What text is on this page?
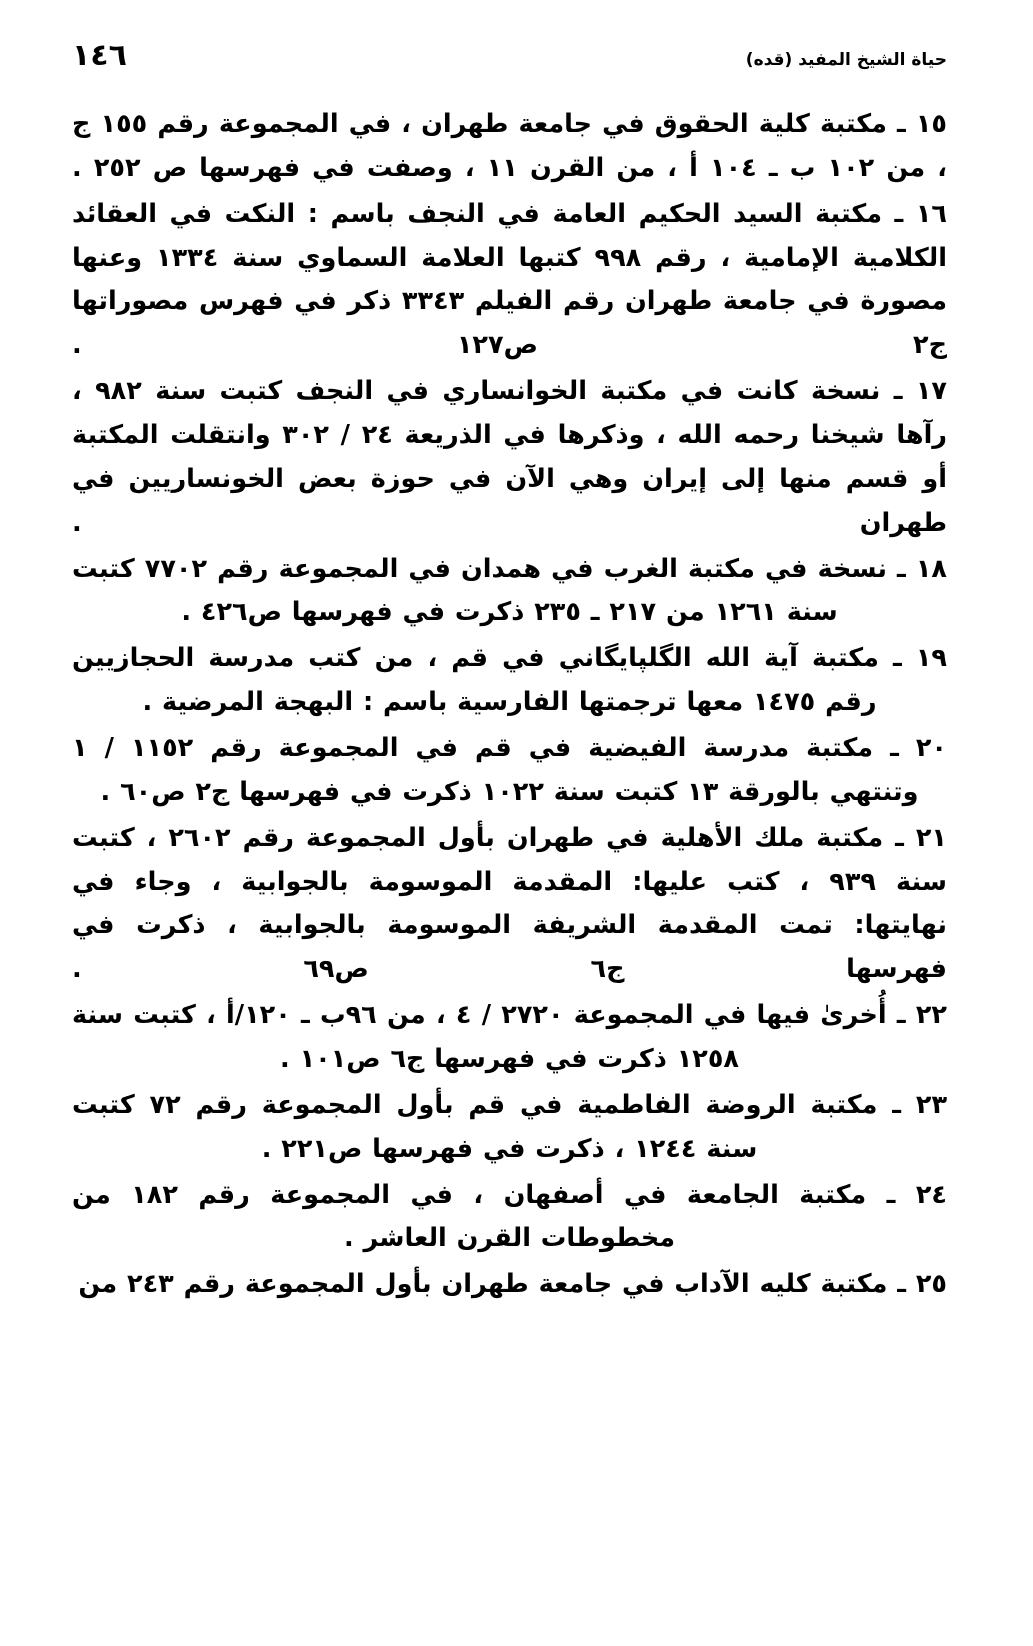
١٤٦	حياة الشيخ المفيد (قده)

١٥ ـ مكتبة كلية الحقوق في جامعة طهران ، في المجموعة رقم ١٥٥ ج ، من ١٠٢ ب ـ ١٠٤ أ ، من القرن ١١ ، وصفت في فهرسها ص ٢٥٢ .

١٦ ـ مكتبة السيد الحكيم العامة في النجف باسم : النكت في العقائد الكلامية الإمامية ، رقم ٩٩٨ كتبها العلامة السماوي سنة ١٣٣٤ وعنها مصورة في جامعة طهران رقم الفيلم ٣٣٤٣ ذكر في فهرس مصوراتها ج٢ ص١٢٧ .

١٧ ـ نسخة كانت في مكتبة الخوانساري في النجف كتبت سنة ٩٨٢ ، رآها شيخنا رحمه الله ، وذكرها في الذريعة ٢٤ / ٣٠٢ وانتقلت المكتبة أو قسم منها إلى إيران وهي الآن في حوزة بعض الخونساريين في طهران .

١٨ ـ نسخة في مكتبة الغرب في همدان في المجموعة رقم ٧٧٠٢ كتبت سنة ١٢٦١ من ٢١٧ ـ ٢٣٥ ذكرت في فهرسها ص٤٢٦ .

١٩ ـ مكتبة آية الله الگلپايگاني في قم ، من كتب مدرسة الحجازيين رقم ١٤٧٥ معها ترجمتها الفارسية باسم : البهجة المرضية .

٢٠ ـ مكتبة مدرسة الفيضية في قم في المجموعة رقم ١١٥٢ / ١ وتنتهي بالورقة ١٣ كتبت سنة ١٠٢٢ ذكرت في فهرسها ج٢ ص٦٠ .

٢١ ـ مكتبة ملك الأهلية في طهران بأول المجموعة رقم ٢٦٠٢ ، كتبت سنة ٩٣٩ ، كتب عليها: المقدمة الموسومة بالجوابية ، وجاء في نهايتها: تمت المقدمة الشريفة الموسومة بالجوابية ، ذكرت في فهرسها ج٦ ص٦٩ .

٢٢ ـ أُخرىٰ فيها في المجموعة ٢٧٢٠ / ٤ ، من ٩٦ب ـ ١٢٠/أ ، كتبت سنة ١٢٥٨ ذكرت في فهرسها ج٦ ص١٠١ .

٢٣ ـ مكتبة الروضة الفاطمية في قم بأول المجموعة رقم ٧٢ كتبت سنة ١٢٤٤ ، ذكرت في فهرسها ص٢٢١ .

٢٤ ـ مكتبة الجامعة في أصفهان ، في المجموعة رقم ١٨٢ من مخطوطات القرن العاشر .

٢٥ ـ مكتبة كليه الآداب في جامعة طهران بأول المجموعة رقم ٢٤٣ من
